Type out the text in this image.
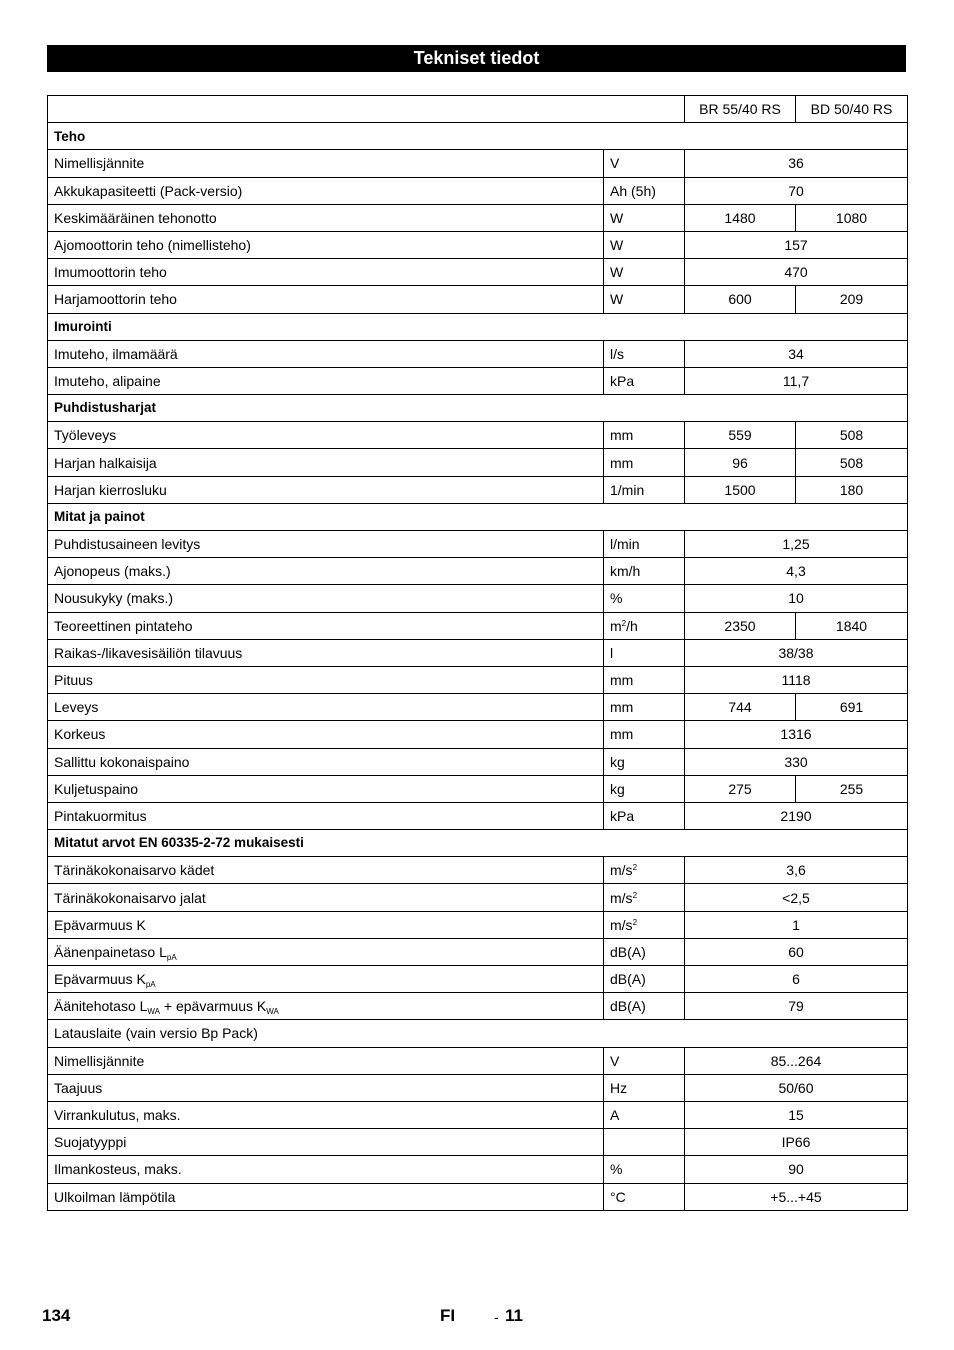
Tekniset tiedot
		BR 55/40 RS	BD 50/40 RS
Teho			
Nimellisjännite	V	36	
Akkukapasiteetti (Pack-versio)	Ah (5h)	70	
Keskimääräinen tehonotto	W	1480	1080
Ajomoottorin teho (nimellisteho)	W	157	
Imumoottorin teho	W	470	
Harjamoottorin teho	W	600	209
Imurointi			
Imuteho, ilmamäärä	l/s	34	
Imuteho, alipaine	kPa	11,7	
Puhdistusharjat			
Työleveys	mm	559	508
Harjan halkaisija	mm	96	508
Harjan kierrosluku	1/min	1500	180
Mitat ja painot			
Puhdistusaineen levitys	l/min	1,25	
Ajonopeus (maks.)	km/h	4,3	
Nousukyky (maks.)	%	10	
Teoreettinen pintateho	$m^2/h$	2350	1840
Raikas-/likavesisäiliön tilavuus	l	38/38	
Pituus	mm	1118	
Leveys	mm	744	691
Korkeus	mm	1316	
Sallittu kokonaispaino	kg	330	
Kuljetuspaino	kg	275	255
Pintakuormitus	kPa	2190	
Mitatut arvot EN 60335-2-72 mukaisesti			
Tärinäkokonaisarvo kädet	$m/s^2$	3,6	
Tärinäkokonaisarvo jalat	$m/s^2$	<2,5	
Epävarmuus K	$m/s^2$	1	
Äänenpainetaso $L_{pA}$	dB(A)	60	
Epävarmuus $K_{pA}$	dB(A)	6	
Äänitehotaso $L_{WA}$ + epävarmuus $K_{WA}$	dB(A)	79	
Latauslaite (vain versio Bp Pack)			
Nimellisjännite	V	85...264	
Taajuus	Hz	50/60	
Virrankulutus, maks.	A	15	
Suojatyyppi		IP66	
Ilmankosteus, maks.	%	90	
Ulkoilman lämpötila	°C	+5...+45	
134	FI	- 11
